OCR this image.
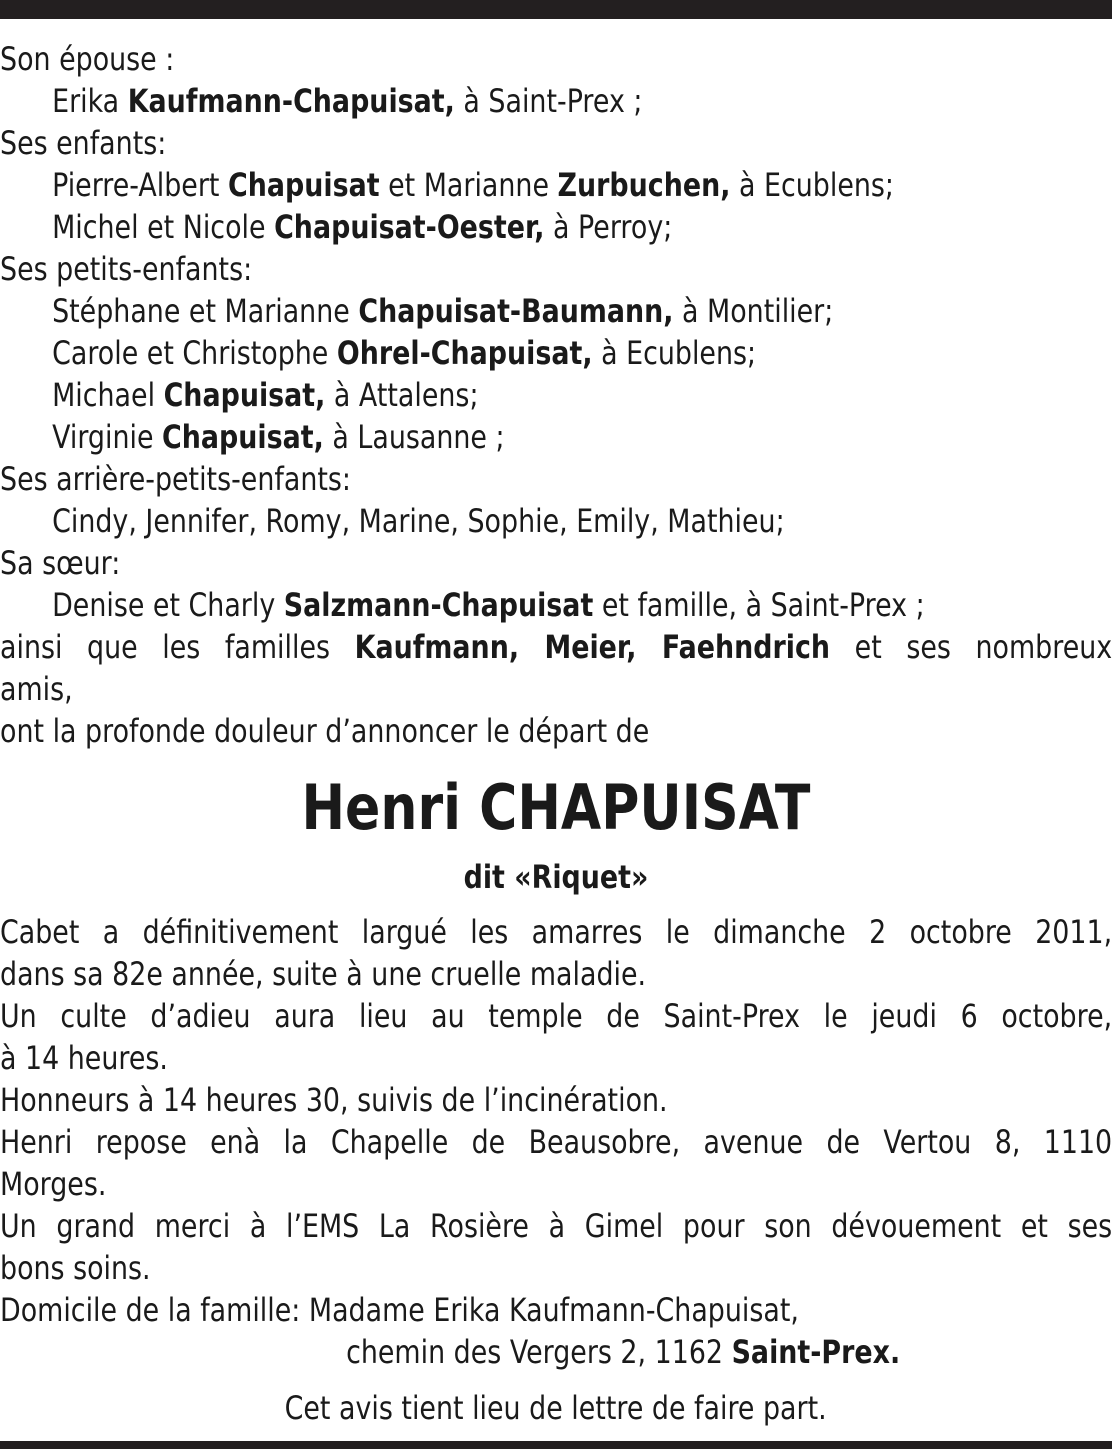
Son épouse :
Erika Kaufmann-Chapuisat, à Saint-Prex ;
Ses enfants:
Pierre-Albert Chapuisat et Marianne Zurbuchen, à Ecublens;
Michel et Nicole Chapuisat-Oester, à Perroy;
Ses petits-enfants:
Stéphane et Marianne Chapuisat-Baumann, à Montilier;
Carole et Christophe Ohrel-Chapuisat, à Ecublens;
Michael Chapuisat, à Attalens;
Virginie Chapuisat, à Lausanne ;
Ses arrière-petits-enfants:
Cindy, Jennifer, Romy, Marine, Sophie, Emily, Mathieu;
Sa sœur:
Denise et Charly Salzmann-Chapuisat et famille, à Saint-Prex ;
ainsi que les familles Kaufmann, Meier, Faehndrich et ses nombreux
amis,
ont la profonde douleur d’annoncer le départ de
Henri CHAPUISAT
dit «Riquet»
Cabet a définitivement largué les amarres le dimanche 2 octobre 2011,
dans sa 82e année, suite à une cruelle maladie.
Un culte d’adieu aura lieu au temple de Saint-Prex le jeudi 6 octobre,
à 14 heures.
Honneurs à 14 heures 30, suivis de l’incinération.
Henri repose enà la Chapelle de Beausobre, avenue de Vertou 8, 1110
Morges.
Un grand merci à l’EMS La Rosière à Gimel pour son dévouement et ses
bons soins.
Domicile de la famille: Madame Erika Kaufmann-Chapuisat,
chemin des Vergers 2, 1162 Saint-Prex.
Cet avis tient lieu de lettre de faire part.
